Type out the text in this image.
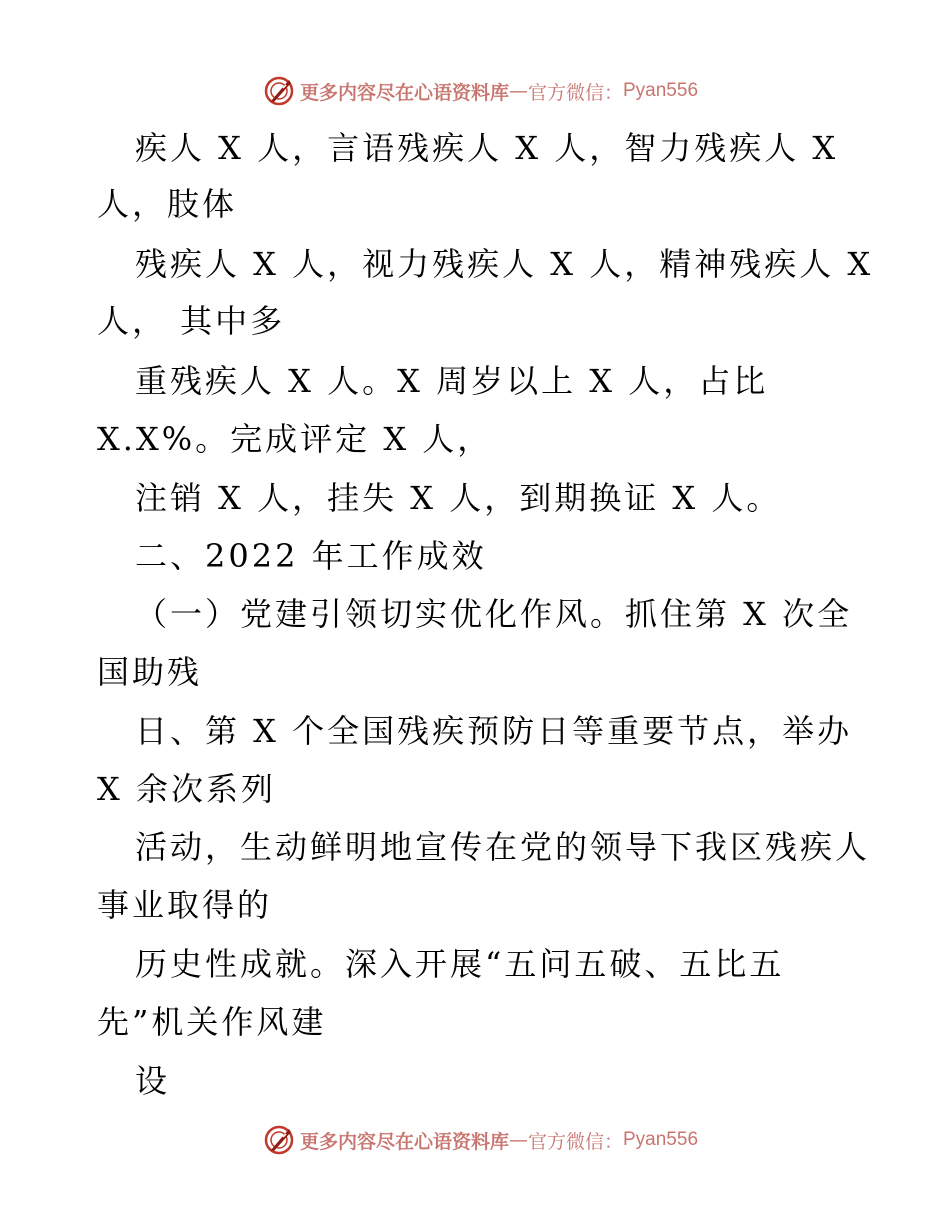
更多内容尽在心语资料库 — 官方微信： Pyan556
疾人 X 人，言语残疾人 X 人，智力残疾人 X
人，肢体
残疾人 X 人，视力残疾人 X 人，精神残疾人 X
人， 其中多
重残疾人 X 人。X 周岁以上 X 人，占比
X.X%。完成评定 X 人，
注销 X 人，挂失 X 人，到期换证 X 人。
二、2022 年工作成效
（一）党建引领切实优化作风。抓住第 X 次全
国助残
日、第 X 个全国残疾预防日等重要节点，举办
X 余次系列
活动，生动鲜明地宣传在党的领导下我区残疾人
事业取得的
历史性成就。深入开展“五问五破、五比五
先”机关作风建
设
更多内容尽在心语资料库 — 官方微信： Pyan556
